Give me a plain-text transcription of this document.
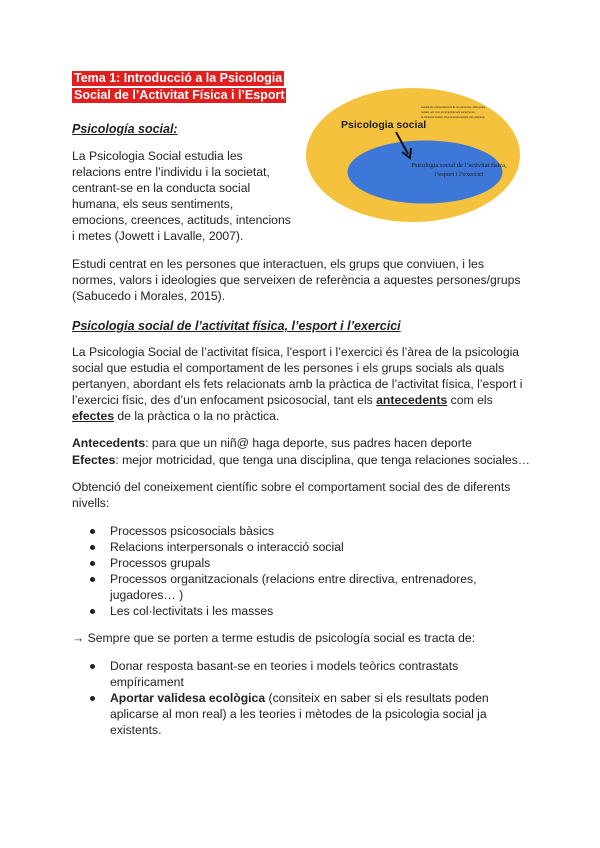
Tema 1: Introducció a la Psicologia
Social de l’Activitat Física i l’Esport
Psicologia social
estudia els comportaments de les persones i dels grups
socials, així com el comportament social humà,
la conducta social i els processos socials i les relacions
Psicologia social de l’activitat física,
l’esport i l’exercici
Psicología social:
La Psicologia Social estudia les
relacions entre l’individu i la societat,
centrant-se en la conducta social
humana, els seus sentiments,
emocions, creences, actituds, intencions
i metes (Jowett i Lavalle, 2007).
Estudi centrat en les persones que interactuen, els grups que conviuen, i les
normes, valors i ideologies que serveixen de referència a aquestes persones/grups
(Sabucedo i Morales, 2015).
Psicologia social de l’activitat física, l’esport i l’exercici
La Psicologia Social de l’activitat física, l’esport i l’exercici és l’àrea de la psicologia
social que estudia el comportament de les persones i els grups socials als quals
pertanyen, abordant els fets relacionats amb la pràctica de l’activitat física, l’esport i
l’exercici físic, des d’un enfocament psicosocial, tant els antecedents com els
efectes de la pràctica o la no pràctica.
Antecedents: para que un niñ@ haga deporte, sus padres hacen deporte
Efectes: mejor motricidad, que tenga una disciplina, que tenga relaciones sociales…
Obtenció del coneixement científic sobre el comportament social des de diferents
nivells:
Processos psicosocials bàsics
Relacions interpersonals o interacció social
Processos grupals
Processos organitzacionals (relacions entre directiva, entrenadores,
jugadores… )
Les col·lectivitats i les masses
→ Sempre que se porten a terme estudis de psicología social es tracta de:
Donar resposta basant-se en teories i models teòrics contrastats
empíricament
Aportar validesa ecològica (consiteix en saber si els resultats poden
aplicarse al mon real) a les teories i mètodes de la psicologia social ja
existents.
